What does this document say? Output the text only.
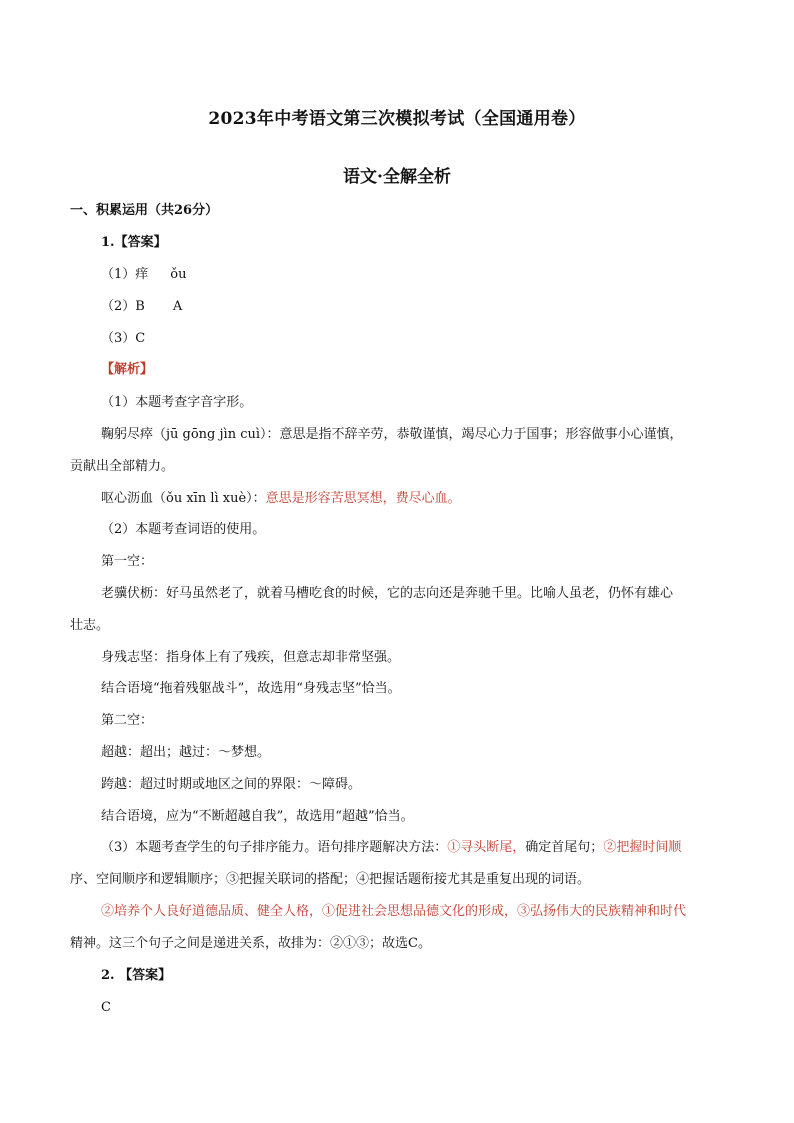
2023年中考语文第三次模拟考试（全国通用卷）
语文·全解全析
一、积累运用（共26分）
1.【答案】
（1）痒 ǒu
（2）B A
（3）C
【解析】
（1）本题考查字音字形。
鞠躬尽瘁（jū gōng jìn cuì）：意思是指不辞辛劳，恭敬谨慎，竭尽心力于国事；形容做事小心谨慎，
贡献出全部精力。
呕心沥血（ǒu xīn lì xuè）：意思是形容苦思冥想，费尽心血。
（2）本题考查词语的使用。
第一空：
老骥伏枥：好马虽然老了，就着马槽吃食的时候，它的志向还是奔驰千里。比喻人虽老，仍怀有雄心
壮志。
身残志坚：指身体上有了残疾，但意志却非常坚强。
结合语境“拖着残躯战斗”，故选用“身残志坚”恰当。
第二空：
超越：超出；越过：～梦想。
跨越：超过时期或地区之间的界限：～障碍。
结合语境，应为“不断超越自我”，故选用“超越”恰当。
（3）本题考查学生的句子排序能力。语句排序题解决方法：①寻头断尾，确定首尾句；②把握时间顺
序、空间顺序和逻辑顺序；③把握关联词的搭配；④把握话题衔接尤其是重复出现的词语。
②培养个人良好道德品质、健全人格，①促进社会思想品德文化的形成，③弘扬伟大的民族精神和时代
精神。这三个句子之间是递进关系，故排为：②①③；故选C。
2. 【答案】
C
